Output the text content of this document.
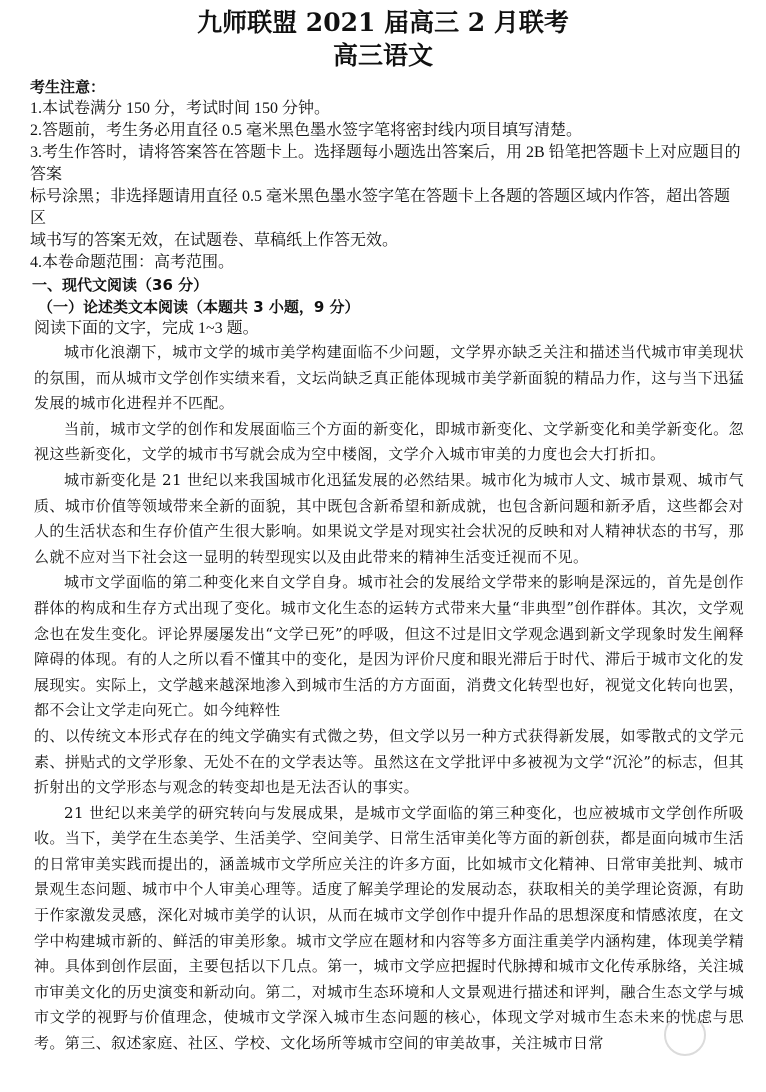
九师联盟 2021 届高三 2 月联考
高三语文
考生注意：
1.本试卷满分 150 分，考试时间 150 分钟。
2.答题前，考生务必用直径 0.5 毫米黑色墨水签字笔将密封线内项目填写清楚。
3.考生作答时，请将答案答在答题卡上。选择题每小题选出答案后，用 2B 铅笔把答题卡上对应题目的答案
标号涂黑；非选择题请用直径 0.5 毫米黑色墨水签字笔在答题卡上各题的答题区域内作答，超出答题区
域书写的答案无效，在试题卷、草稿纸上作答无效。
4.本卷命题范围：高考范围。
一、现代文阅读（36 分）
（一）论述类文本阅读（本题共 3 小题，9 分）
阅读下面的文字，完成 1~3 题。

城市化浪潮下，城市文学的城市美学构建面临不少问题，文学界亦缺乏关注和描述当代城市审美现状的氛围，而从城市文学创作实绩来看，文坛尚缺乏真正能体现城市美学新面貌的精品力作，这与当下迅猛发展的城市化进程并不匹配。

当前，城市文学的创作和发展面临三个方面的新变化，即城市新变化、文学新变化和美学新变化。忽视这些新变化，文学的城市书写就会成为空中楼阁，文学介入城市审美的力度也会大打折扣。

城市新变化是 21 世纪以来我国城市化迅猛发展的必然结果。城市化为城市人文、城市景观、城市气质、城市价值等领域带来全新的面貌，其中既包含新希望和新成就，也包含新问题和新矛盾，这些都会对人的生活状态和生存价值产生很大影响。如果说文学是对现实社会状况的反映和对人精神状态的书写，那么就不应对当下社会这一显明的转型现实以及由此带来的精神生活变迁视而不见。

城市文学面临的第二种变化来自文学自身。城市社会的发展给文学带来的影响是深远的，首先是创作群体的构成和生存方式出现了变化。城市文化生态的运转方式带来大量“非典型”创作群体。其次，文学观念也在发生变化。评论界屡屡发出“文学已死”的呼吸，但这不过是旧文学观念遇到新文学现象时发生阐释障碍的体现。有的人之所以看不懂其中的变化，是因为评价尺度和眼光滞后于时代、滞后于城市文化的发展现实。实际上，文学越来越深地渗入到城市生活的方方面面，消费文化转型也好，视觉文化转向也罢，都不会让文学走向死亡。如今纯粹性

的、以传统文本形式存在的纯文学确实有式微之势，但文学以另一种方式获得新发展，如零散式的文学元素、拼贴式的文学形象、无处不在的文学表达等。虽然这在文学批评中多被视为文学“沉沦”的标志，但其折射出的文学形态与观念的转变却也是无法否认的事实。

21 世纪以来美学的研究转向与发展成果，是城市文学面临的第三种变化，也应被城市文学创作所吸收。当下，美学在生态美学、生活美学、空间美学、日常生活审美化等方面的新创获，都是面向城市生活的日常审美实践而提出的，涵盖城市文学所应关注的许多方面，比如城市文化精神、日常审美批判、城市景观生态问题、城市中个人审美心理等。适度了解美学理论的发展动态，获取相关的美学理论资源，有助于作家激发灵感，深化对城市美学的认识，从而在城市文学创作中提升作品的思想深度和情感浓度，在文学中构建城市新的、鲜活的审美形象。城市文学应在题材和内容等多方面注重美学内涵构建，体现美学精神。具体到创作层面，主要包括以下几点。第一，城市文学应把握时代脉搏和城市文化传承脉络，关注城市审美文化的历史演变和新动向。第二，对城市生态环境和人文景观进行描述和评判，融合生态文学与城市文学的视野与价值理念，使城市文学深入城市生态问题的核心，体现文学对城市生态未来的忧虑与思考。第三、叙述家庭、社区、学校、文化场所等城市空间的审美故事，关注城市日常
